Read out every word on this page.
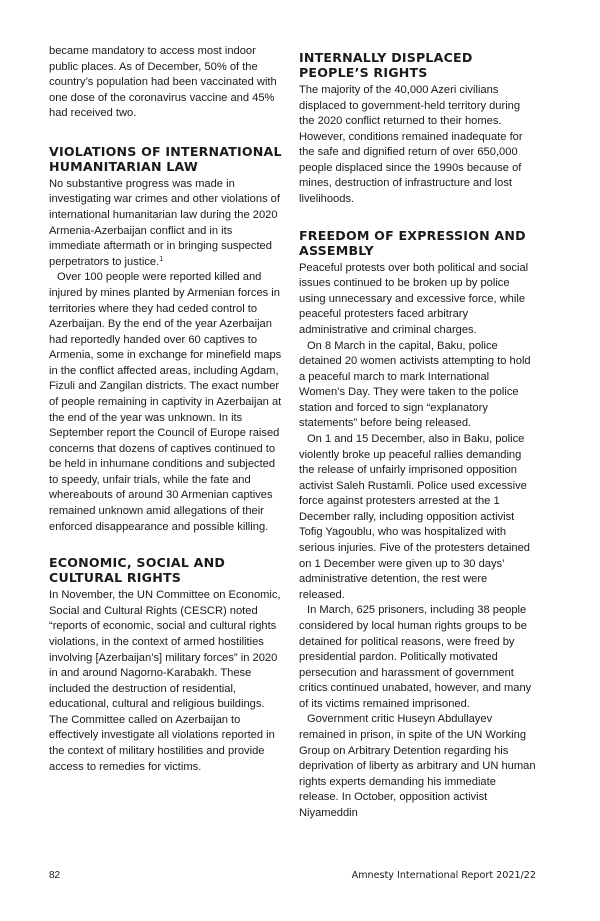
became mandatory to access most indoor public places. As of December, 50% of the country’s population had been vaccinated with one dose of the coronavirus vaccine and 45% had received two.

VIOLATIONS OF INTERNATIONAL HUMANITARIAN LAW

No substantive progress was made in investigating war crimes and other violations of international humanitarian law during the 2020 Armenia-Azerbaijan conflict and in its immediate aftermath or in bringing suspected perpetrators to justice.$^1$

Over 100 people were reported killed and injured by mines planted by Armenian forces in territories where they had ceded control to Azerbaijan. By the end of the year Azerbaijan had reportedly handed over 60 captives to Armenia, some in exchange for minefield maps in the conflict affected areas, including Agdam, Fizuli and Zangilan districts. The exact number of people remaining in captivity in Azerbaijan at the end of the year was unknown. In its September report the Council of Europe raised concerns that dozens of captives continued to be held in inhumane conditions and subjected to speedy, unfair trials, while the fate and whereabouts of around 30 Armenian captives remained unknown amid allegations of their enforced disappearance and possible killing.

ECONOMIC, SOCIAL AND CULTURAL RIGHTS

In November, the UN Committee on Economic, Social and Cultural Rights (CESCR) noted “reports of economic, social and cultural rights violations, in the context of armed hostilities involving [Azerbaijan’s] military forces” in 2020 in and around Nagorno-Karabakh. These included the destruction of residential, educational, cultural and religious buildings. The Committee called on Azerbaijan to effectively investigate all violations reported in the context of military hostilities and provide access to remedies for victims.

INTERNALLY DISPLACED PEOPLE’S RIGHTS

The majority of the 40,000 Azeri civilians displaced to government-held territory during the 2020 conflict returned to their homes. However, conditions remained inadequate for the safe and dignified return of over 650,000 people displaced since the 1990s because of mines, destruction of infrastructure and lost livelihoods.

FREEDOM OF EXPRESSION AND ASSEMBLY

Peaceful protests over both political and social issues continued to be broken up by police using unnecessary and excessive force, while peaceful protesters faced arbitrary administrative and criminal charges.

On 8 March in the capital, Baku, police detained 20 women activists attempting to hold a peaceful march to mark International Women’s Day. They were taken to the police station and forced to sign “explanatory statements” before being released.

On 1 and 15 December, also in Baku, police violently broke up peaceful rallies demanding the release of unfairly imprisoned opposition activist Saleh Rustamli. Police used excessive force against protesters arrested at the 1 December rally, including opposition activist Tofig Yagoublu, who was hospitalized with serious injuries. Five of the protesters detained on 1 December were given up to 30 days’ administrative detention, the rest were released.

In March, 625 prisoners, including 38 people considered by local human rights groups to be detained for political reasons, were freed by presidential pardon. Politically motivated persecution and harassment of government critics continued unabated, however, and many of its victims remained imprisoned.

Government critic Huseyn Abdullayev remained in prison, in spite of the UN Working Group on Arbitrary Detention regarding his deprivation of liberty as arbitrary and UN human rights experts demanding his immediate release. In October, opposition activist Niyameddin

82	Amnesty International Report 2021/22
